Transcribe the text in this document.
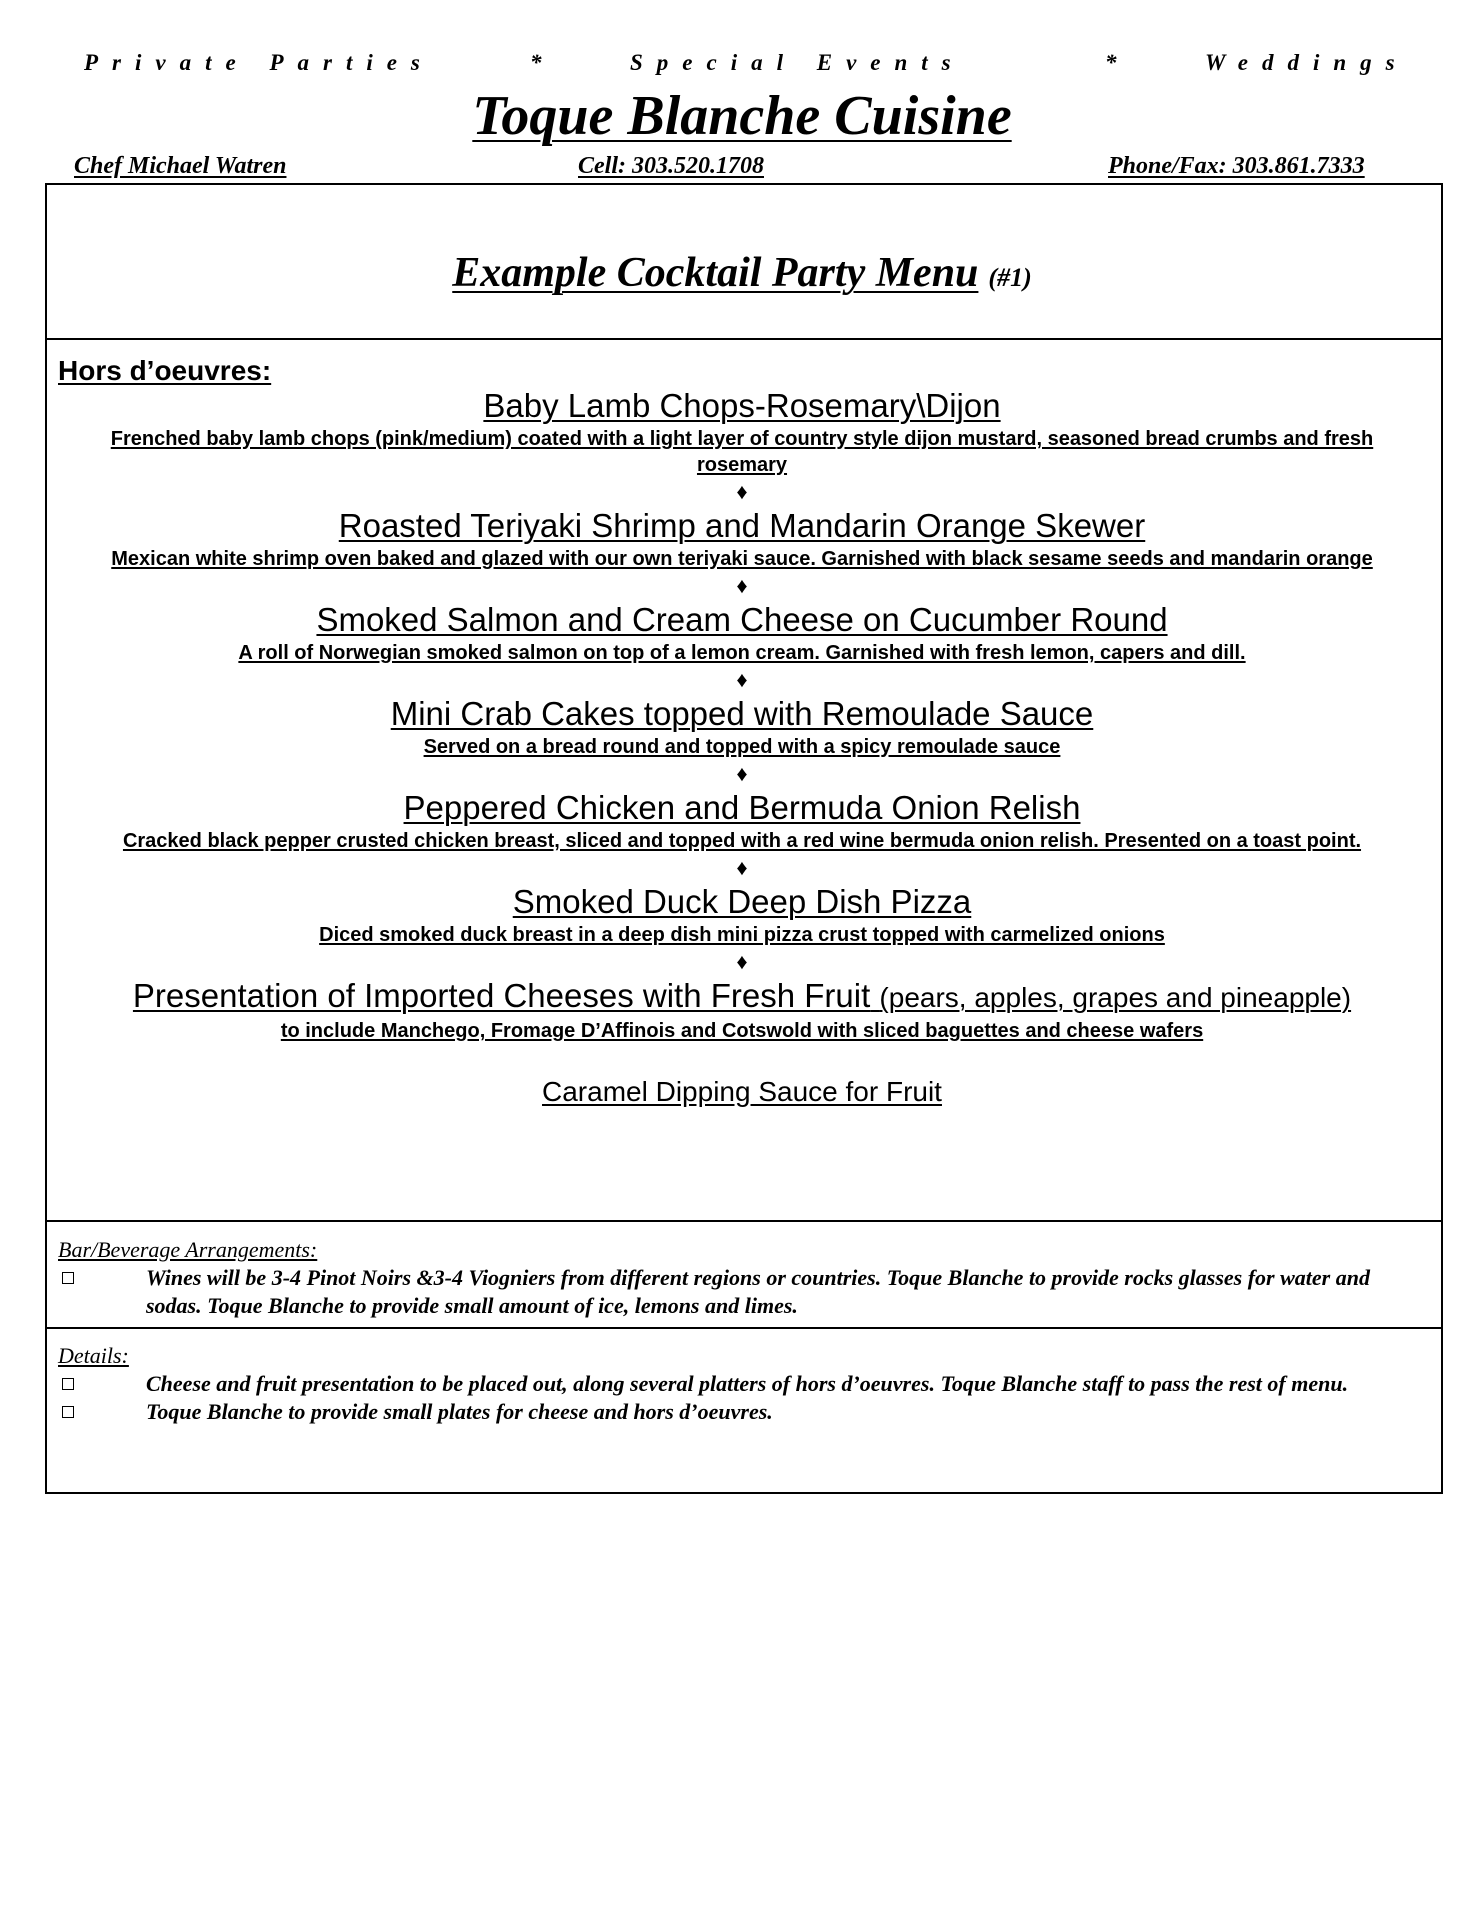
Private Parties	*	Special Events	*	Weddings
Toque Blanche Cuisine
Chef Michael Watren	Cell: 303.520.1708	Phone/Fax: 303.861.7333
Example Cocktail Party Menu (#1)
Hors d’oeuvres:
Baby Lamb Chops-Rosemary\Dijon
Frenched baby lamb chops (pink/medium) coated with a light layer of country style dijon mustard, seasoned bread crumbs and fresh rosemary
♦
Roasted Teriyaki Shrimp and Mandarin Orange Skewer
Mexican white shrimp oven baked and glazed with our own teriyaki sauce. Garnished with black sesame seeds and mandarin orange
♦
Smoked Salmon and Cream Cheese on Cucumber Round
A roll of Norwegian smoked salmon on top of a lemon cream. Garnished with fresh lemon, capers and dill.
♦
Mini Crab Cakes topped with Remoulade Sauce
Served on a bread round and topped with a spicy remoulade sauce
♦
Peppered Chicken and Bermuda Onion Relish
Cracked black pepper crusted chicken breast, sliced and topped with a red wine bermuda onion relish. Presented on a toast point.
♦
Smoked Duck Deep Dish Pizza
Diced smoked duck breast in a deep dish mini pizza crust topped with carmelized onions
♦
Presentation of Imported Cheeses with Fresh Fruit (pears, apples, grapes and pineapple)
to include Manchego, Fromage D’Affinois and Cotswold with sliced baguettes and cheese wafers
Caramel Dipping Sauce for Fruit
Bar/Beverage Arrangements:
Wines will be 3-4 Pinot Noirs &3-4 Viogniers from different regions or countries. Toque Blanche to provide rocks glasses for water and sodas. Toque Blanche to provide small amount of ice, lemons and limes.
Details:
Cheese and fruit presentation to be placed out, along several platters of hors d’oeuvres. Toque Blanche staff to pass the rest of menu.
Toque Blanche to provide small plates for cheese and hors d’oeuvres.
